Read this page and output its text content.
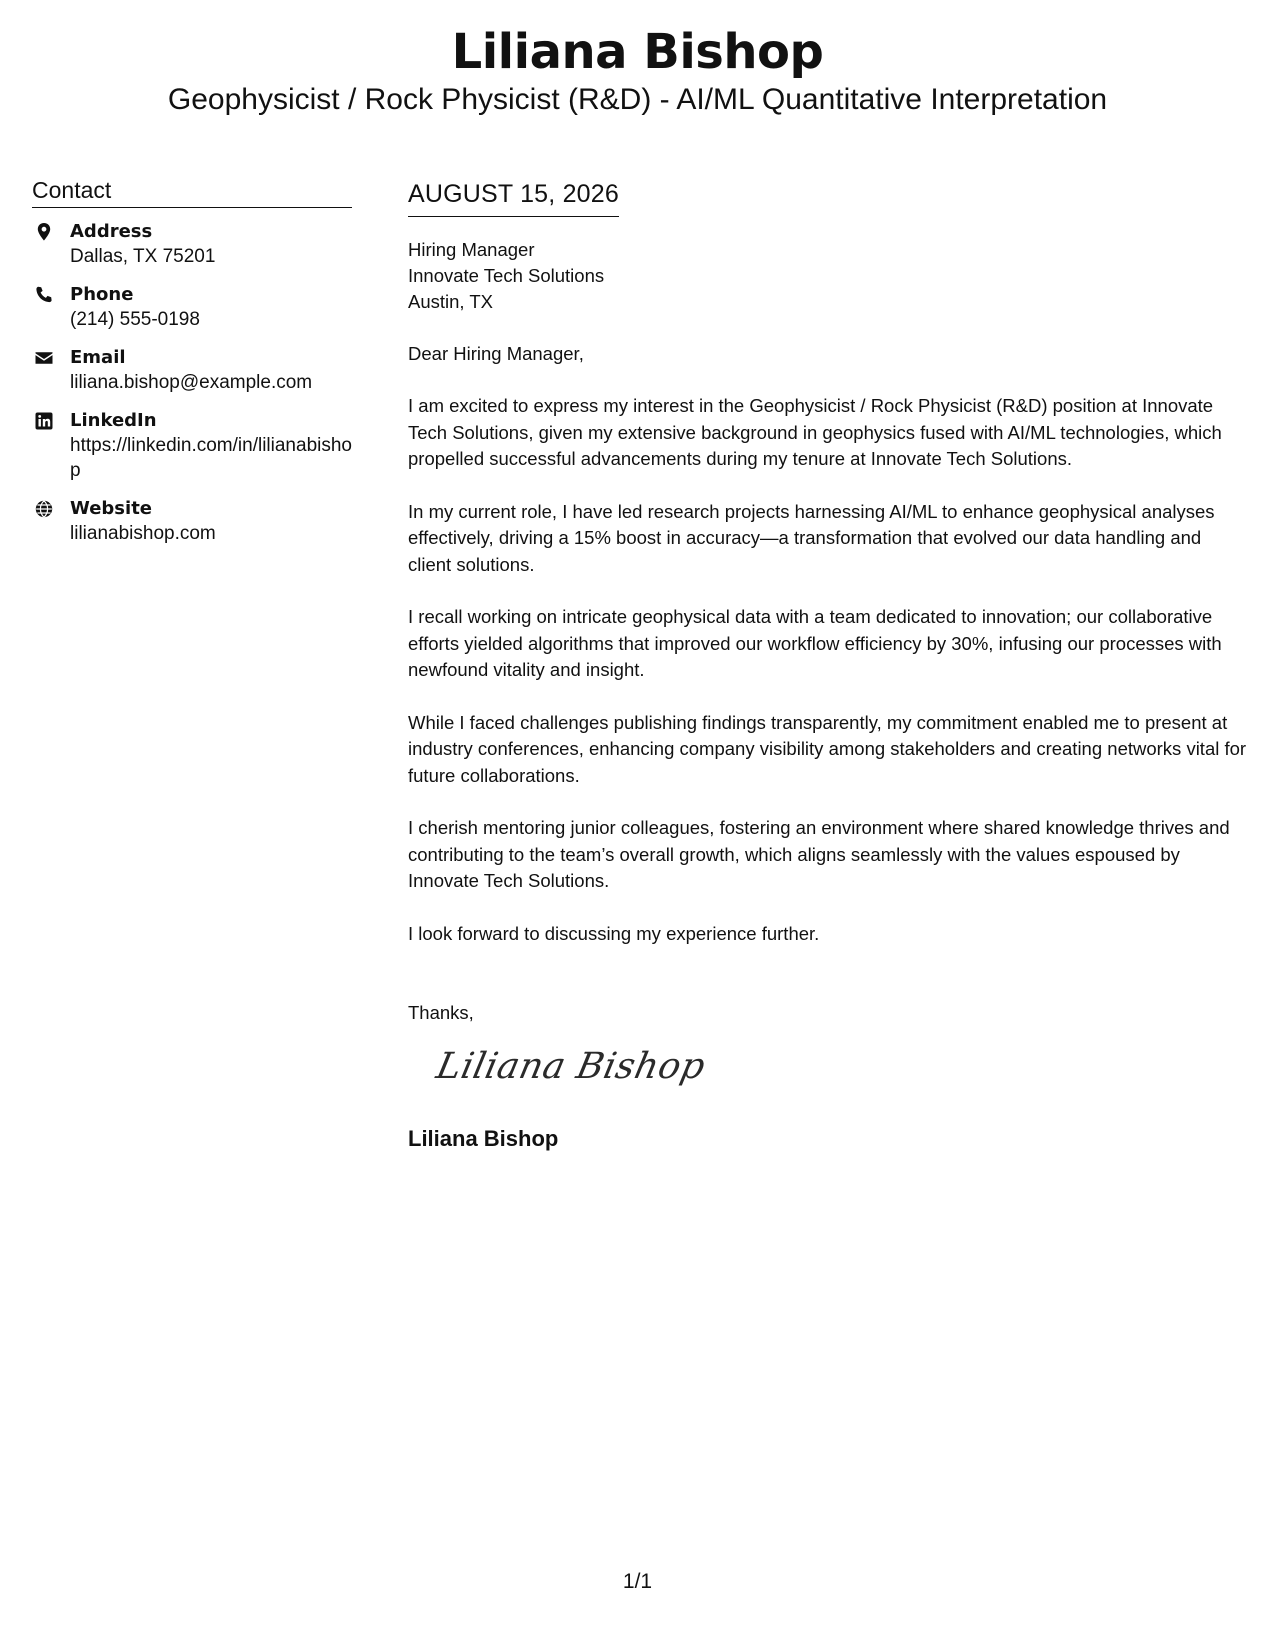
Liliana Bishop
Geophysicist / Rock Physicist (R&D) - AI/ML Quantitative Interpretation
Contact
Address
Dallas, TX 75201
Phone
(214) 555-0198
Email
liliana.bishop@example.com
LinkedIn
https://linkedin.com/in/lilianabishop
Website
lilianabishop.com
AUGUST 15, 2026
Hiring Manager
Innovate Tech Solutions
Austin, TX
Dear Hiring Manager,

I am excited to express my interest in the Geophysicist / Rock Physicist (R&D) position at Innovate Tech Solutions, given my extensive background in geophysics fused with AI/ML technologies, which propelled successful advancements during my tenure at Innovate Tech Solutions.

In my current role, I have led research projects harnessing AI/ML to enhance geophysical analyses effectively, driving a 15% boost in accuracy—a transformation that evolved our data handling and client solutions.

I recall working on intricate geophysical data with a team dedicated to innovation; our collaborative efforts yielded algorithms that improved our workflow efficiency by 30%, infusing our processes with newfound vitality and insight.

While I faced challenges publishing findings transparently, my commitment enabled me to present at industry conferences, enhancing company visibility among stakeholders and creating networks vital for future collaborations.

I cherish mentoring junior colleagues, fostering an environment where shared knowledge thrives and contributing to the team’s overall growth, which aligns seamlessly with the values espoused by Innovate Tech Solutions.

I look forward to discussing my experience further.

Thanks,
Liliana Bishop
Liliana Bishop
1/1
